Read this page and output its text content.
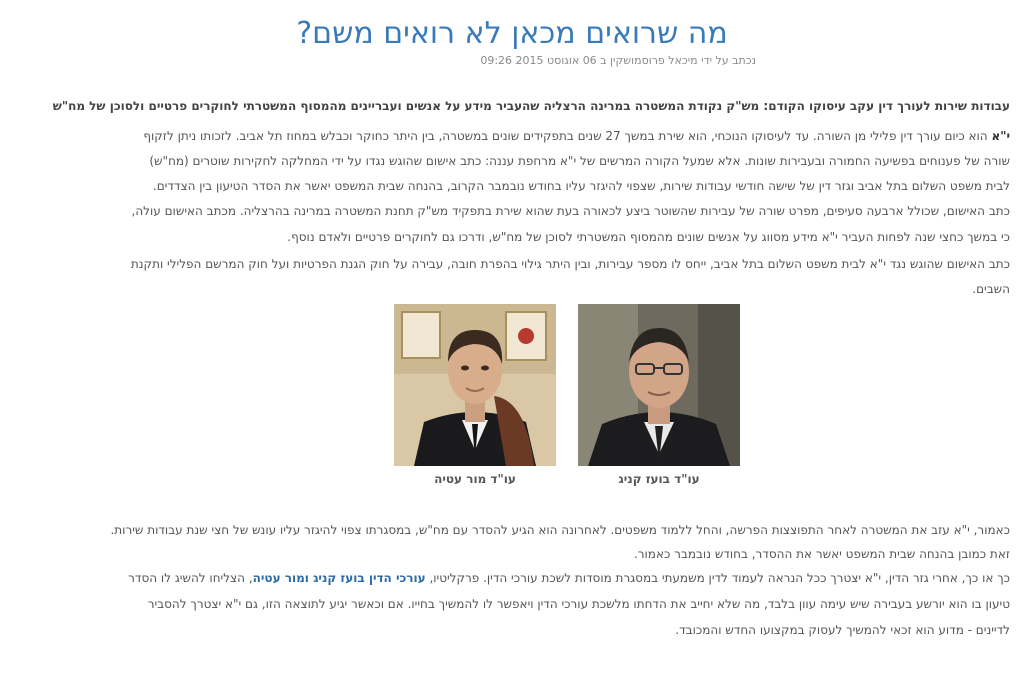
מה שרואים מכאן לא רואים משם?
נכתב על ידי מיכאל פרוסמושקין ב 06 אוגוסט 2015 09:26
עבודות שירות לעורך דין עקב עיסוקו הקודם: מש"ק נקודת המשטרה במרינה הרצליה שהעביר מידע על אנשים ועבריינים מהמסוף המשטרתי לחוקרים פרטיים ולסוכן של מח"ש
י"א הוא כיום עורך דין פלילי מן השורה. עד לעיסוקו הנוכחי, הוא שירת במשך 27 שנים בתפקידים שונים במשטרה, בין היתר כחוקר וכבלש במחוז תל אביב. לזכותו ניתן לזקוף
שורה של פענוחים בפשיעה החמורה ובעבירות שונות. אלא שמעל הקורה המרשים של י"א מרחפת עננה: כתב אישום שהוגש נגדו על ידי המחלקה לחקירות שוטרים (מח"ש)
לבית משפט השלום בתל אביב וגזר דין של שישה חודשי עבודות שירות, שצפוי להיגזר עליו בחודש נובמבר הקרוב, בהנחה שבית המשפט יאשר את הסדר הטיעון בין הצדדים.
כתב האישום, שכולל ארבעה סעיפים, מפרט שורה של עבירות שהשוטר ביצע לכאורה בעת שהוא שירת בתפקיד מש"ק תחנת המשטרה במרינה בהרצליה. מכתב האישום עולה,
כי במשך כחצי שנה לפחות העביר י"א מידע מסווג על אנשים שונים מהמסוף המשטרתי לסוכן של מח"ש, ודרכו גם לחוקרים פרטיים ולאדם נוסף.
כתב האישום שהוגש נגד י"א לבית משפט השלום בתל אביב, ייחס לו מספר עבירות, ובין היתר גילוי בהפרת חובה, עבירה על חוק הגנת הפרטיות ועל חוק המרשם הפלילי ותקנת
השבים.
עו"ד בועז קניג
עו"ד מור עטיה
כאמור, י"א עזב את המשטרה לאחר התפוצצות הפרשה, והחל ללמוד משפטים. לאחרונה הוא הגיע להסדר עם מח"ש, במסגרתו צפוי להיגזר עליו עונש של חצי שנת עבודות שירות.
זאת כמובן בהנחה שבית המשפט יאשר את ההסדר, בחודש נובמבר כאמור.
כך או כך, אחרי גזר הדין, י"א יצטרך ככל הנראה לעמוד לדין משמעתי במסגרת מוסדות לשכת עורכי הדין. פרקליטיו, עורכי הדין בועז קניג ומור עטיה, הצליחו להשיג לו הסדר
טיעון בו הוא יורשע בעבירה שיש עימה עוון בלבד, מה שלא יחייב את הדחתו מלשכת עורכי הדין ויאפשר לו להמשיך בחייו. אם וכאשר יגיע לתוצאה הזו, גם י"א יצטרך להסביר
לדיינים - מדוע הוא זכאי להמשיך לעסוק במקצועו החדש והמכובד.
